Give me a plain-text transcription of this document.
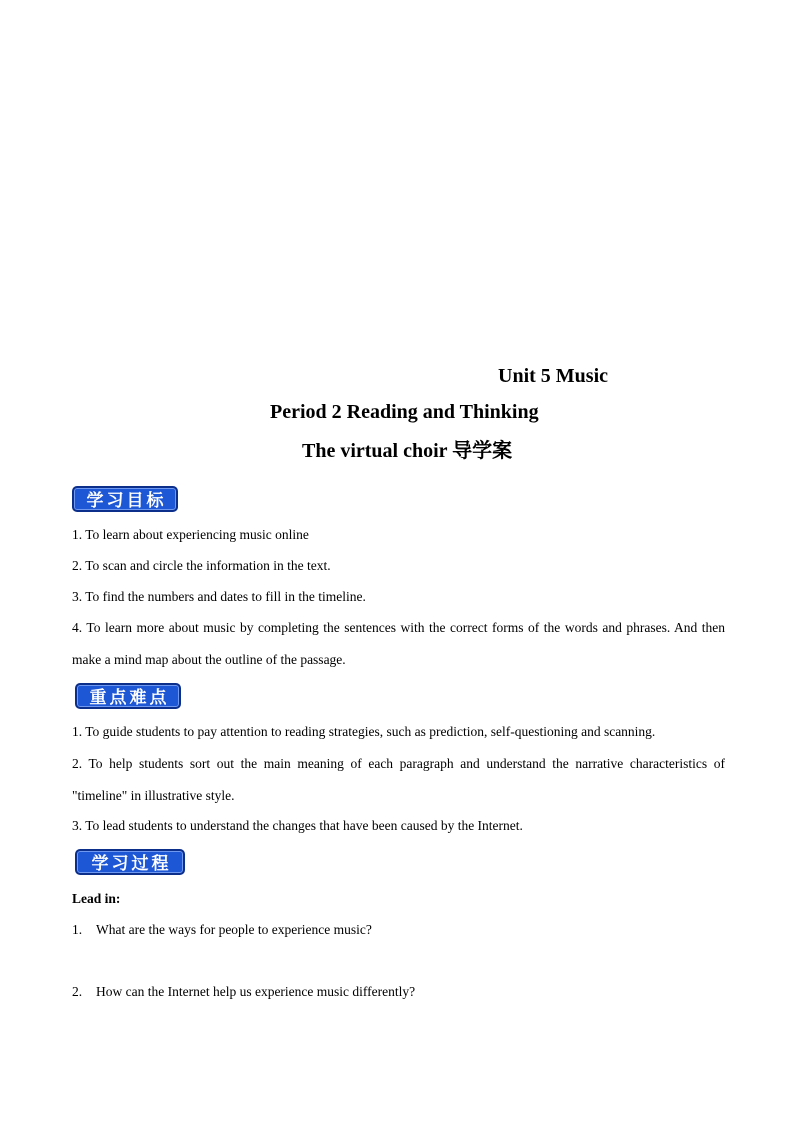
Unit 5 Music
Period 2 Reading and Thinking
The virtual choir 导学案
学习目标

1. To learn about experiencing music online

2. To scan and circle the information in the text.

3. To find the numbers and dates to fill in the timeline.

4. To learn more about music by completing the sentences with the correct forms of the words and phrases. And then make a mind map about the outline of the passage.

重点难点

1. To guide students to pay attention to reading strategies, such as prediction, self-questioning and scanning.

2. To help students sort out the main meaning of each paragraph and understand the narrative characteristics of "timeline" in illustrative style.

3. To lead students to understand the changes that have been caused by the Internet.

学习过程

Lead in:

1. What are the ways for people to experience music?
2. How can the Internet help us experience music differently?
